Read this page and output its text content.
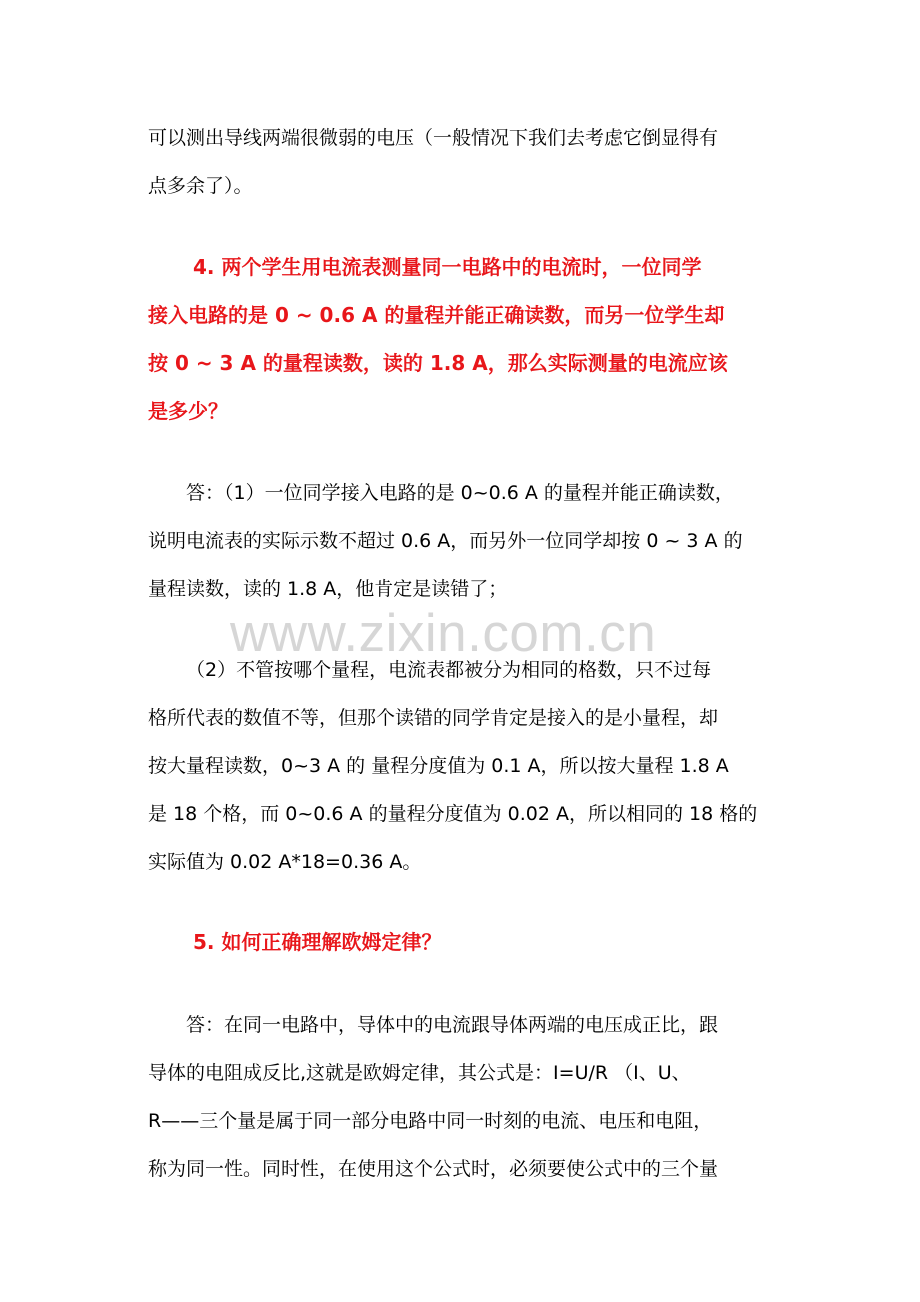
可以测出导线两端很微弱的电压（一般情况下我们去考虑它倒显得有
点多余了）。
4. 两个学生用电流表测量同一电路中的电流时，一位同学
接入电路的是 0 ~ 0.6 A 的量程并能正确读数，而另一位学生却
按 0 ~ 3 A 的量程读数，读的 1.8 A，那么实际测量的电流应该
是多少？
答：（1）一位同学接入电路的是 0~0.6 A 的量程并能正确读数，
说明电流表的实际示数不超过 0.6 A，而另外一位同学却按 0 ~ 3 A 的
量程读数，读的 1.8 A，他肯定是读错了；
www.zixin.com.cn
（2）不管按哪个量程，电流表都被分为相同的格数，只不过每
格所代表的数值不等，但那个读错的同学肯定是接入的是小量程，却
按大量程读数，0~3 A 的 量程分度值为 0.1 A，所以按大量程 1.8 A
是 18 个格，而 0~0.6 A 的量程分度值为 0.02 A，所以相同的 18 格的
实际值为 0.02 A*18=0.36 A。
5. 如何正确理解欧姆定律？
答：在同一电路中，导体中的电流跟导体两端的电压成正比，跟
导体的电阻成反比,这就是欧姆定律，其公式是：I=U/R （I、U、
R——三个量是属于同一部分电路中同一时刻的电流、电压和电阻，
称为同一性。同时性，在使用这个公式时，必须要使公式中的三个量
